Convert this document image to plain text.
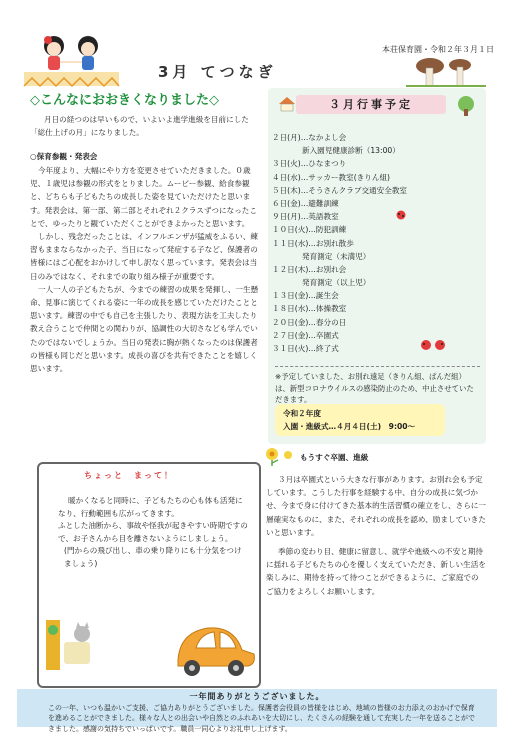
本荘保育園・令和２年３月１日
3月 てつなぎ
◇こんなにおおきくなりました◇
月日の経つのは早いもので、いよいよ進学進級を目前にした「総仕上げの月」になりました。
○保育参観・発表会

今年度より、大幅にやり方を変更させていただきました。０歳児、１歳児は参観の形式をとりました。ムービー参観、給食参観と、どちらも子どもたちの成長した姿を見ていただけたと思います。発表会は、第一部、第二部とそれぞれ２クラスずつになったことで、ゆったりと観ていただくことができよかったと思います。

しかし、残念だったことは、インフルエンザが猛威をふるい、練習もままならなかった子、当日になって発症する子など、保護者の皆様にはご心配をおかけして申し訳なく思っています。発表会は当日のみではなく、それまでの取り組み様子が重要です。

一人一人の子どもたちが、今までの練習の成果を発揮し、一生懸命、見事に演じてくれる姿に一年の成長を感じていただけたことと思います。練習の中でも自己を主張したり、表現方法を工夫したり教え合うことで仲間との関わりが、協調性の大切さなども学んでいたのではないでしょうか。当日の発表に胸が熱くなったのは保護者の皆様も同じだと思います。成長の喜びを共有できたことを嬉しく思います。

３月行事予定
２日(月)…なかよし会
新入園児健康診断（13:00）
３日(火)…ひなまつり
４日(水)…サッカー教室(きりん組)
５日(木)…そうさんクラブ交通安全教室
６日(金)…避難訓練
９日(月)…英語教室
１０日(火)…防犯訓練
１１日(水)…お別れ散歩
発育測定（未満児）
１２日(木)…お別れ会
発育測定（以上児）
１３日(金)…誕生会
１８日(水)…体操教室
２０日(金)…春分の日
２７日(金)…卒園式
３１日(火)…終了式
※予定していました、お別れ遠足（きりん組、ぱんだ組）は、新型コロナウイルスの感染防止のため、中止させていただきます。
令和２年度
入園・進級式…４月４日(土)　9:00～
ちょっと　まって！

暖かくなると同時に、子どもたちの心も体も活発になり、行動範囲も広がってきます。

ふとした油断から、事故や怪我が起きやすい時期ですので、お子さんから目を離さないようにしましょう。

(門からの飛び出し、車の乗り降りにも十分気をつけましょう)

もうすぐ卒園、進級

３月は卒園式という大きな行事があります。お別れ会も予定しています。こうした行事を経験する中、自分の成長に気づかせ、今まで身に付けてきた基本的生活習慣の確立をし、さらに一層確実なものに、また、それぞれの成長を認め、励ましていきたいと思います。

季節の変わり目、健康に留意し、就学や進級への不安と期待に揺れる子どもたちの心を優しく支えていただき、新しい生活を楽しみに、期待を持って待つことができるように、ご家庭でのご協力をよろしくお願いします。

一年間ありがとうございました。
この一年、いつも温かいご支援、ご協力ありがとうございました。保護者会役員の皆様をはじめ、地域の皆様のお力添えのおかげで保育を進めることができました。様々な人との出会いや自然とのふれあいを大切にし、たくさんの経験を通して充実した一年を送ることができました。感謝の気持ちでいっぱいです。職員一同心よりお礼申し上げます。
